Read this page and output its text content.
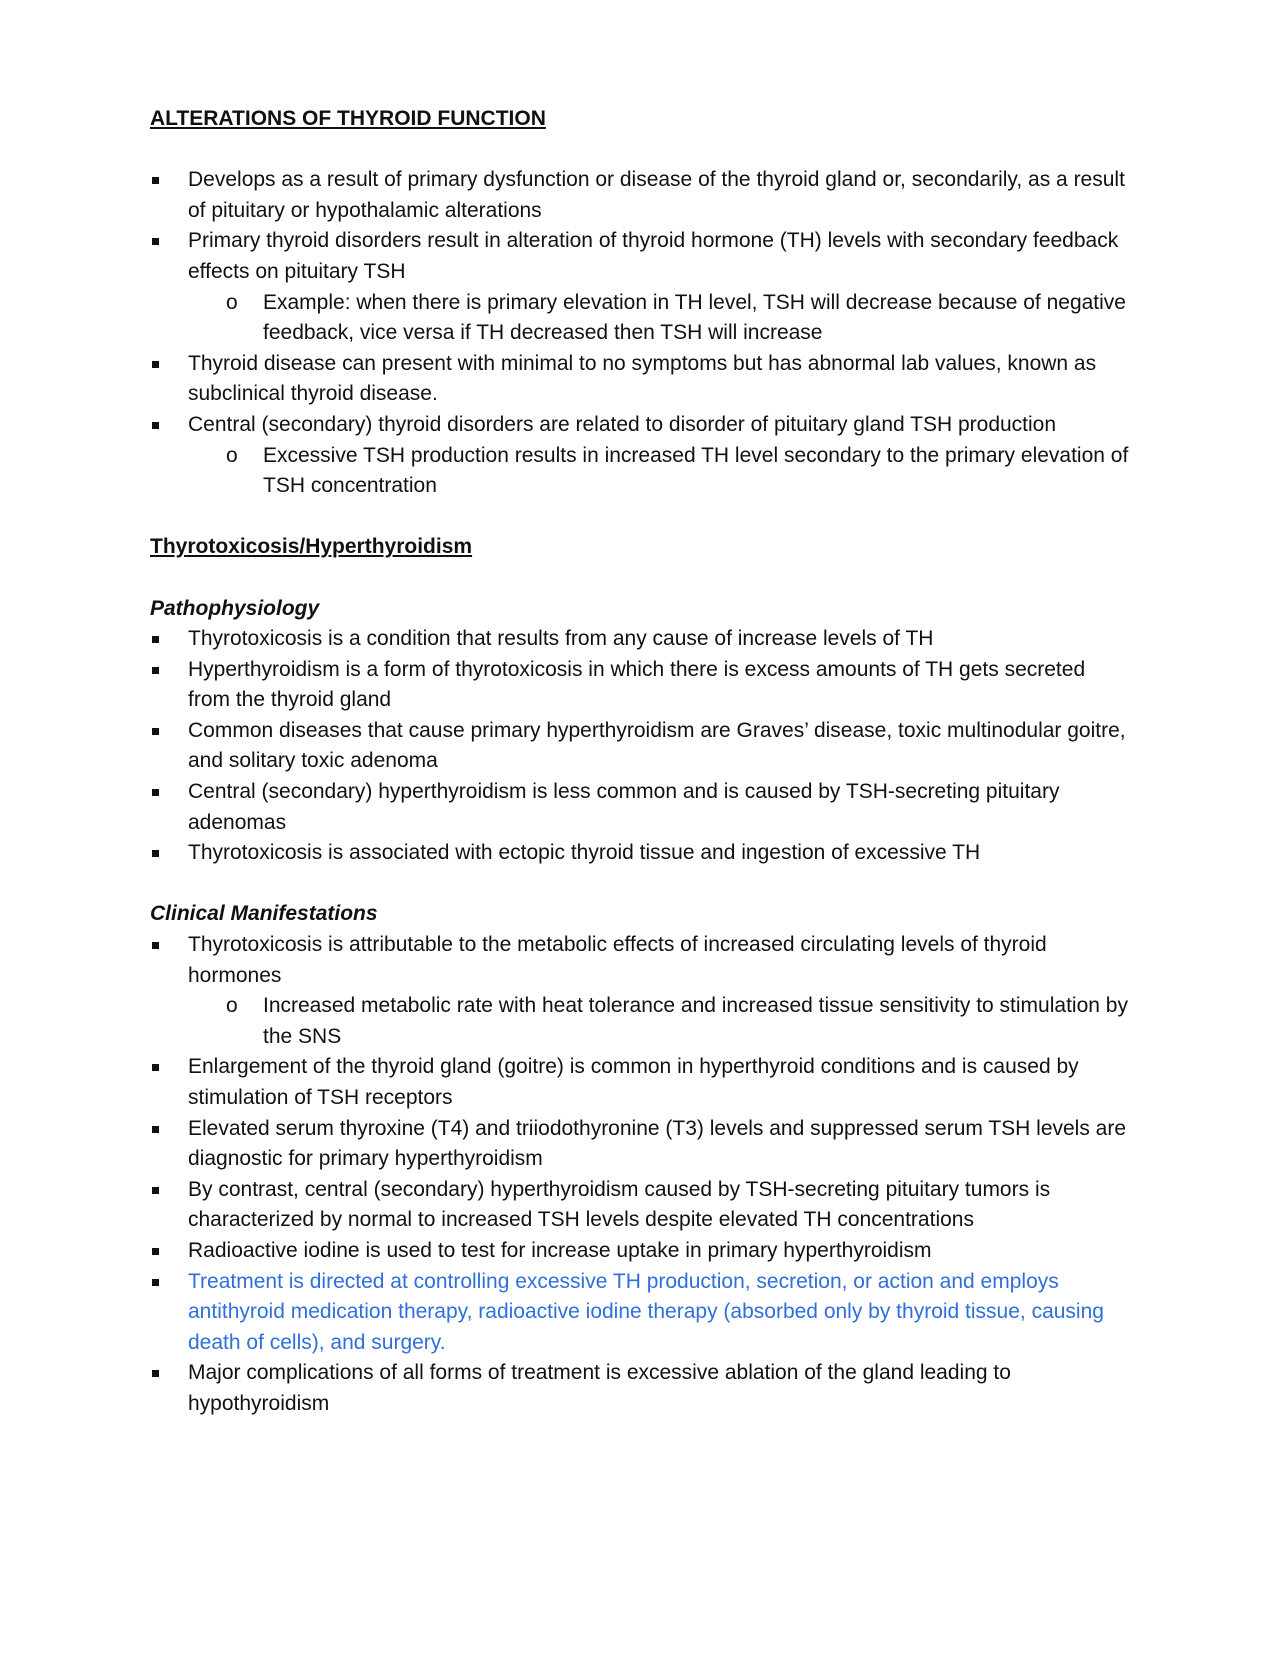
ALTERATIONS OF THYROID FUNCTION

Develops as a result of primary dysfunction or disease of the thyroid gland or, secondarily, as a result of pituitary or hypothalamic alterations
Primary thyroid disorders result in alteration of thyroid hormone (TH) levels with secondary feedback effects on pituitary TSH
o Example: when there is primary elevation in TH level, TSH will decrease because of negative feedback, vice versa if TH decreased then TSH will increase
Thyroid disease can present with minimal to no symptoms but has abnormal lab values, known as subclinical thyroid disease.
Central (secondary) thyroid disorders are related to disorder of pituitary gland TSH production
o Excessive TSH production results in increased TH level secondary to the primary elevation of TSH concentration

Thyrotoxicosis/Hyperthyroidism

Pathophysiology

Thyrotoxicosis is a condition that results from any cause of increase levels of TH
Hyperthyroidism is a form of thyrotoxicosis in which there is excess amounts of TH gets secreted from the thyroid gland
Common diseases that cause primary hyperthyroidism are Graves’ disease, toxic multinodular goitre, and solitary toxic adenoma
Central (secondary) hyperthyroidism is less common and is caused by TSH-secreting pituitary adenomas
Thyrotoxicosis is associated with ectopic thyroid tissue and ingestion of excessive TH

Clinical Manifestations

Thyrotoxicosis is attributable to the metabolic effects of increased circulating levels of thyroid hormones
o Increased metabolic rate with heat tolerance and increased tissue sensitivity to stimulation by the SNS
Enlargement of the thyroid gland (goitre) is common in hyperthyroid conditions and is caused by stimulation of TSH receptors
Elevated serum thyroxine (T4) and triiodothyronine (T3) levels and suppressed serum TSH levels are diagnostic for primary hyperthyroidism
By contrast, central (secondary) hyperthyroidism caused by TSH-secreting pituitary tumors is characterized by normal to increased TSH levels despite elevated TH concentrations
Radioactive iodine is used to test for increase uptake in primary hyperthyroidism
Treatment is directed at controlling excessive TH production, secretion, or action and employs antithyroid medication therapy, radioactive iodine therapy (absorbed only by thyroid tissue, causing death of cells), and surgery.
Major complications of all forms of treatment is excessive ablation of the gland leading to hypothyroidism
